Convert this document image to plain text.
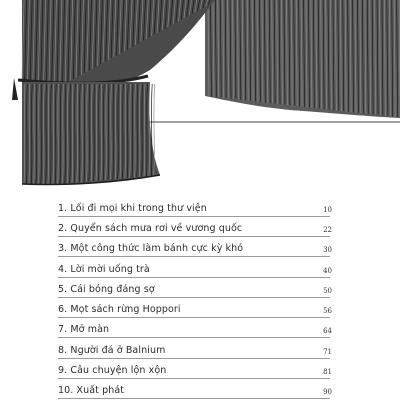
1. Lối đi mọi khi trong thư viện	10
2. Quyển sách mưa rơi về vương quốc	22
3. Một công thức làm bánh cực kỳ khó	30
4. Lời mời uống trà	40
5. Cái bóng đáng sợ	50
6. Mọt sách rừng Hoppori	56
7. Mở màn	64
8. Người đá ở Balnium	71
9. Câu chuyện lộn xộn	81
10. Xuất phát	90
